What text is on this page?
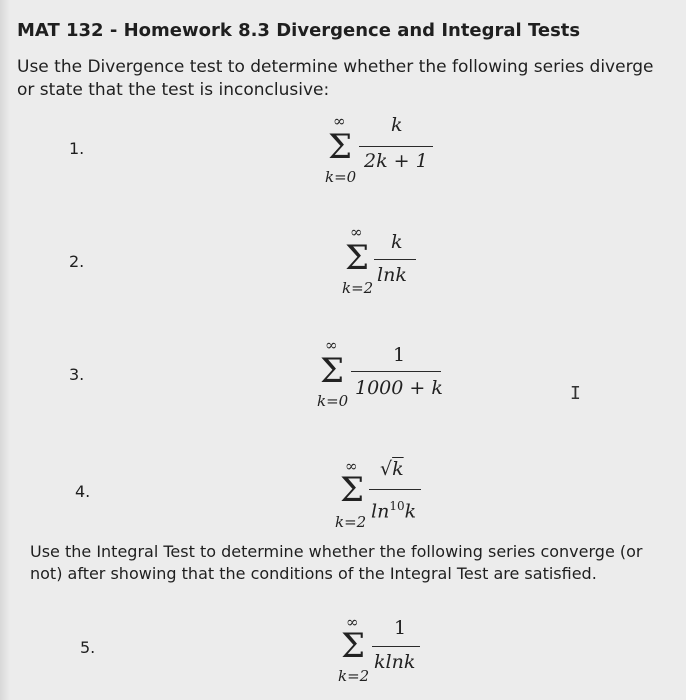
MAT 132 - Homework 8.3 Divergence and Integral Tests
Use the Divergence test to determine whether the following series diverge or state that the test is inconclusive:
1.
∞
Σ
k=0
k
2k + 1
2.
∞
Σ
k=2
k
lnk
3.
∞
Σ
k=0
1
1000 + k	I
4.
∞
Σ
k=2
√k
$\ln^{10}k$
Use the Integral Test to determine whether the following series converge (or not) after showing that the conditions of the Integral Test are satisfied.
5.
∞
Σ
k=2
1
klnk
